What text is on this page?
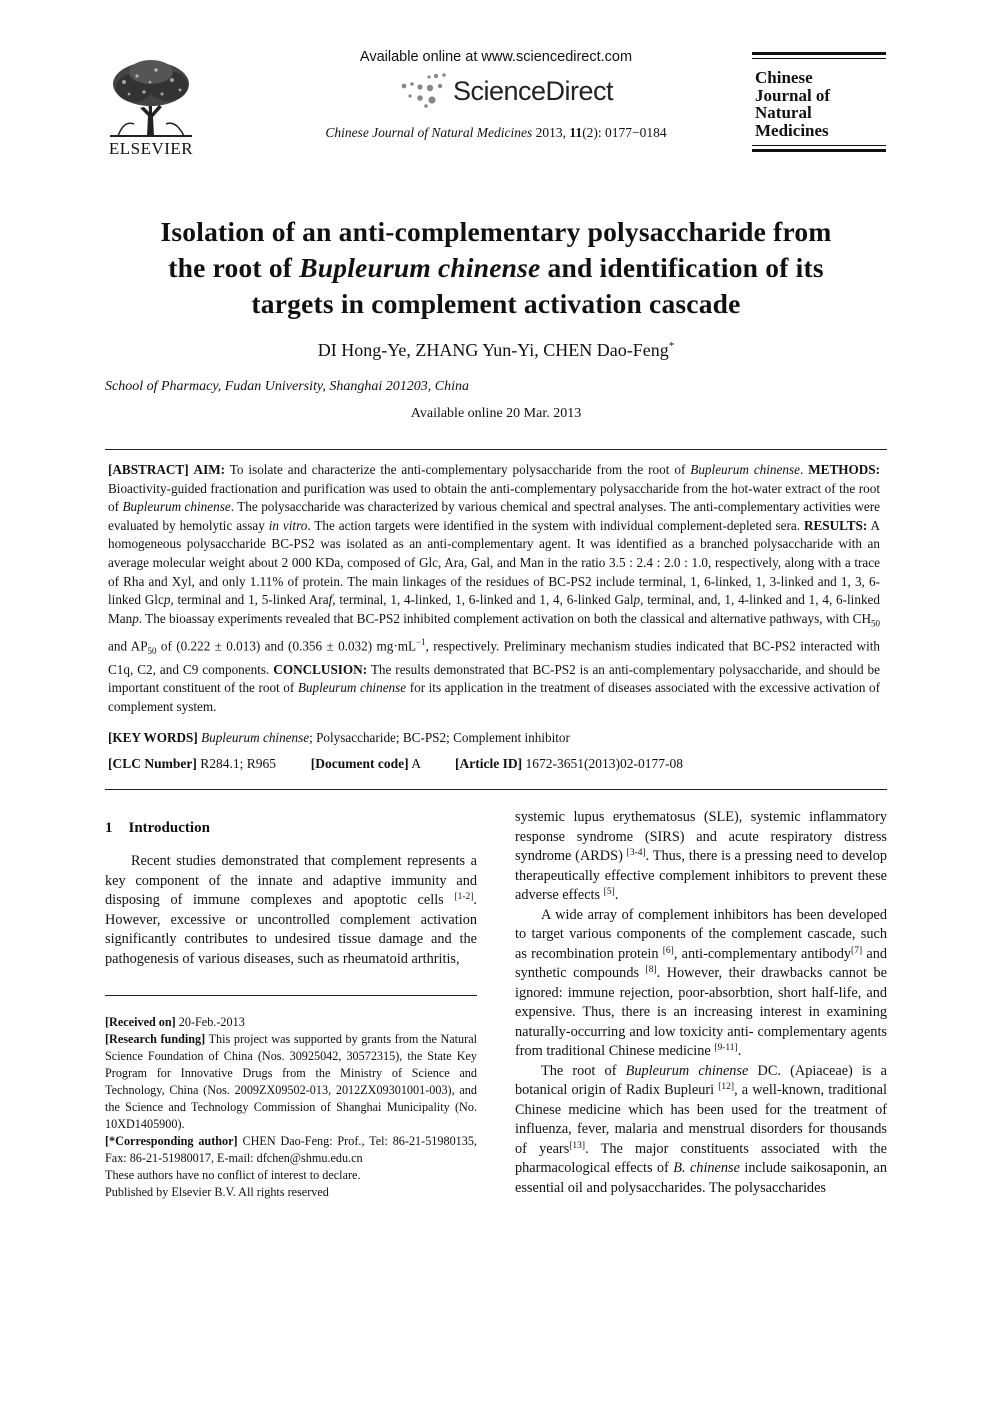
ELSEVIER
Available online at www.sciencedirect.com
ScienceDirect
Chinese Journal of Natural Medicines 2013, 11(2): 0177−0184
Chinese
Journal of
Natural
Medicines
Isolation of an anti-complementary polysaccharide from
the root of Bupleurum chinense and identification of its
targets in complement activation cascade
DI Hong-Ye, ZHANG Yun-Yi, CHEN Dao-Feng*
School of Pharmacy, Fudan University, Shanghai 201203, China
Available online 20 Mar. 2013

[ABSTRACT] AIM: To isolate and characterize the anti-complementary polysaccharide from the root of Bupleurum chinense. METHODS: Bioactivity-guided fractionation and purification was used to obtain the anti-complementary polysaccharide from the hot-water extract of the root of Bupleurum chinense. The polysaccharide was characterized by various chemical and spectral analyses. The anti-complementary activities were evaluated by hemolytic assay in vitro. The action targets were identified in the system with individual complement-depleted sera. RESULTS: A homogeneous polysaccharide BC-PS2 was isolated as an anti-complementary agent. It was identified as a branched polysaccharide with an average molecular weight about 2 000 KDa, composed of Glc, Ara, Gal, and Man in the ratio 3.5 : 2.4 : 2.0 : 1.0, respectively, along with a trace of Rha and Xyl, and only 1.11% of protein. The main linkages of the residues of BC-PS2 include terminal, 1, 6-linked, 1, 3-linked and 1, 3, 6-linked Glcp, terminal and 1, 5-linked Araf, terminal, 1, 4-linked, 1, 6-linked and 1, 4, 6-linked Galp, terminal, and, 1, 4-linked and 1, 4, 6-linked Manp. The bioassay experiments revealed that BC-PS2 inhibited complement activation on both the classical and alternative pathways, with $CH_{50}$ and $AP_{50}$ of (0.222 ± 0.013) and (0.356 ± 0.032) $mg\cdot mL^{-1}$, respectively. Preliminary mechanism studies indicated that BC-PS2 interacted with C1q, C2, and C9 components. CONCLUSION: The results demonstrated that BC-PS2 is an anti-complementary polysaccharide, and should be important constituent of the root of Bupleurum chinense for its application in the treatment of diseases associated with the excessive activation of complement system.

[KEY WORDS] Bupleurum chinense; Polysaccharide; BC-PS2; Complement inhibitor
[CLC Number] R284.1; R965	[Document code] A	[Article ID] 1672-3651(2013)02-0177-08
1 Introduction

Recent studies demonstrated that complement represents a key component of the innate and adaptive immunity and disposing of immune complexes and apoptotic cells [1-2]. However, excessive or uncontrolled complement activation significantly contributes to undesired tissue damage and the pathogenesis of various diseases, such as rheumatoid arthritis,

[Received on] 20-Feb.-2013

[Research funding] This project was supported by grants from the Natural Science Foundation of China (Nos. 30925042, 30572315), the State Key Program for Innovative Drugs from the Ministry of Science and Technology, China (Nos. 2009ZX09502-013, 2012ZX09301001-003), and the Science and Technology Commission of Shanghai Municipality (No. 10XD1405900).

[*Corresponding author] CHEN Dao-Feng: Prof., Tel: 86-21-51980135, Fax: 86-21-51980017, E-mail: dfchen@shmu.edu.cn

These authors have no conflict of interest to declare.

Published by Elsevier B.V. All rights reserved

systemic lupus erythematosus (SLE), systemic inflammatory response syndrome (SIRS) and acute respiratory distress syndrome (ARDS) [3-4]. Thus, there is a pressing need to develop therapeutically effective complement inhibitors to prevent these adverse effects [5].

A wide array of complement inhibitors has been developed to target various components of the complement cascade, such as recombination protein [6], anti-complementary antibody[7] and synthetic compounds [8]. However, their drawbacks cannot be ignored: immune rejection, poor-absorbtion, short half-life, and expensive. Thus, there is an increasing interest in examining naturally-occurring and low toxicity anti- complementary agents from traditional Chinese medicine [9-11].

The root of Bupleurum chinense DC. (Apiaceae) is a botanical origin of Radix Bupleuri [12], a well-known, traditional Chinese medicine which has been used for the treatment of influenza, fever, malaria and menstrual disorders for thousands of years[13]. The major constituents associated with the pharmacological effects of B. chinense include saikosaponin, an essential oil and polysaccharides. The polysaccharides
